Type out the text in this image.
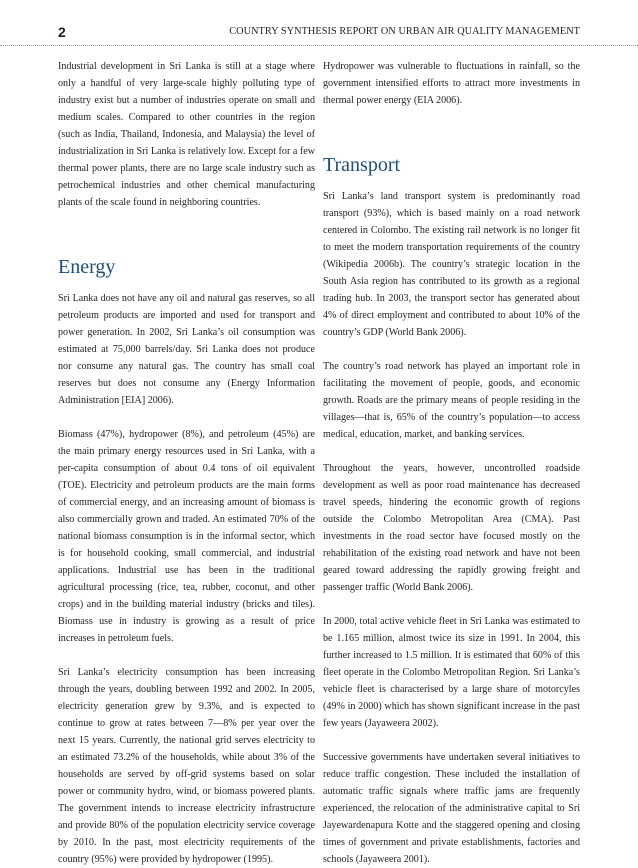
2	COUNTRY SYNTHESIS REPORT ON URBAN AIR QUALITY MANAGEMENT

Industrial development in Sri Lanka is still at a stage where only a handful of very large-scale highly polluting type of industry exist but a number of industries operate on small and medium scales. Compared to other countries in the region (such as India, Thailand, Indonesia, and Malaysia) the level of industrialization in Sri Lanka is relatively low. Except for a few thermal power plants, there are no large scale industry such as petrochemical industries and other chemical manufacturing plants of the scale found in neighboring countries.

Energy

Sri Lanka does not have any oil and natural gas reserves, so all petroleum products are imported and used for transport and power generation. In 2002, Sri Lanka’s oil consumption was estimated at 75,000 barrels/day. Sri Lanka does not produce nor consume any natural gas. The country has small coal reserves but does not consume any (Energy Information Administration [EIA] 2006).

Biomass (47%), hydropower (8%), and petroleum (45%) are the main primary energy resources used in Sri Lanka, with a per-capita consumption of about 0.4 tons of oil equivalent (TOE). Electricity and petroleum products are the main forms of commercial energy, and an increasing amount of biomass is also commercially grown and traded. An estimated 70% of the national biomass consumption is in the informal sector, which is for household cooking, small commercial, and industrial applications. Industrial use has been in the traditional agricultural processing (rice, tea, rubber, coconut, and other crops) and in the building material industry (bricks and tiles). Biomass use in industry is growing as a result of price increases in petroleum fuels.

Sri Lanka’s electricity consumption has been increasing through the years, doubling between 1992 and 2002. In 2005, electricity generation grew by 9.3%, and is expected to continue to grow at rates between 7—8% per year over the next 15 years. Currently, the national grid serves electricity to an estimated 73.2% of the households, while about 3% of the households are served by off-grid systems based on solar power or community hydro, wind, or biomass powered plants. The government intends to increase electricity infrastructure and provide 80% of the population electricity service coverage by 2010. In the past, most electricity requirements of the country (95%) were provided by hydropower (1995).

Hydropower was vulnerable to fluctuations in rainfall, so the government intensified efforts to attract more investments in thermal power energy (EIA 2006).

Transport

Sri Lanka’s land transport system is predominantly road transport (93%), which is based mainly on a road network centered in Colombo. The existing rail network is no longer fit to meet the modern transportation requirements of the country (Wikipedia 2006b). The country’s strategic location in the South Asia region has contributed to its growth as a regional trading hub. In 2003, the transport sector has generated about 4% of direct employment and contributed to about 10% of the country’s GDP (World Bank 2006).

The country’s road network has played an important role in facilitating the movement of people, goods, and economic growth. Roads are the primary means of people residing in the villages—that is, 65% of the country’s population—to access medical, education, market, and banking services.

Throughout the years, however, uncontrolled roadside development as well as poor road maintenance has decreased travel speeds, hindering the economic growth of regions outside the Colombo Metropolitan Area (CMA). Past investments in the road sector have focused mostly on the rehabilitation of the existing road network and have not been geared toward addressing the rapidly growing freight and passenger traffic (World Bank 2006).

In 2000, total active vehicle fleet in Sri Lanka was estimated to be 1.165 million, almost twice its size in 1991. In 2004, this further increased to 1.5 million. It is estimated that 60% of this fleet operate in the Colombo Metropolitan Region. Sri Lanka’s vehicle fleet is characterised by a large share of motorcyles (49% in 2000) which has shown significant increase in the past few years (Jayaweera 2002).

Successive governments have undertaken several initiatives to reduce traffic congestion. These included the installation of automatic traffic signals where traffic jams are frequently experienced, the relocation of the administrative capital to Sri Jayewardenapura Kotte and the staggered opening and closing times of government and private establishments, factories and schools (Jayaweera 2001).
